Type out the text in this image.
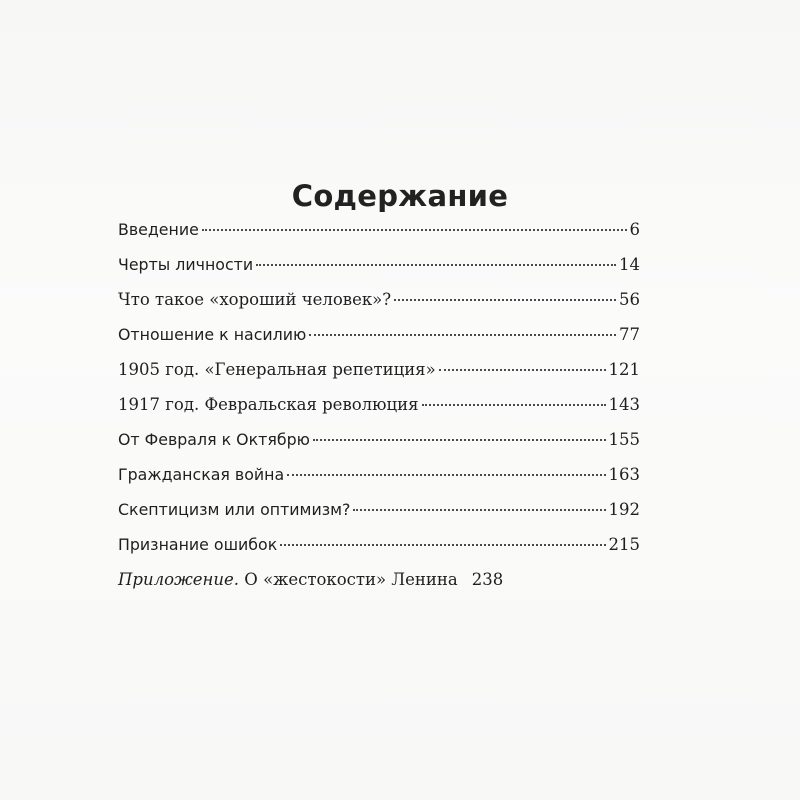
Содержание
Введение	6
Черты личности	14
Что такое «хороший человек»?	56
Отношение к насилию	77
1905 год. «Генеральная репетиция»	121
1917 год. Февральская революция	143
От Февраля к Октябрю	155
Гражданская война	163
Скептицизм или оптимизм?	192
Признание ошибок	215
Приложение. О «жестокости» Ленина 238
